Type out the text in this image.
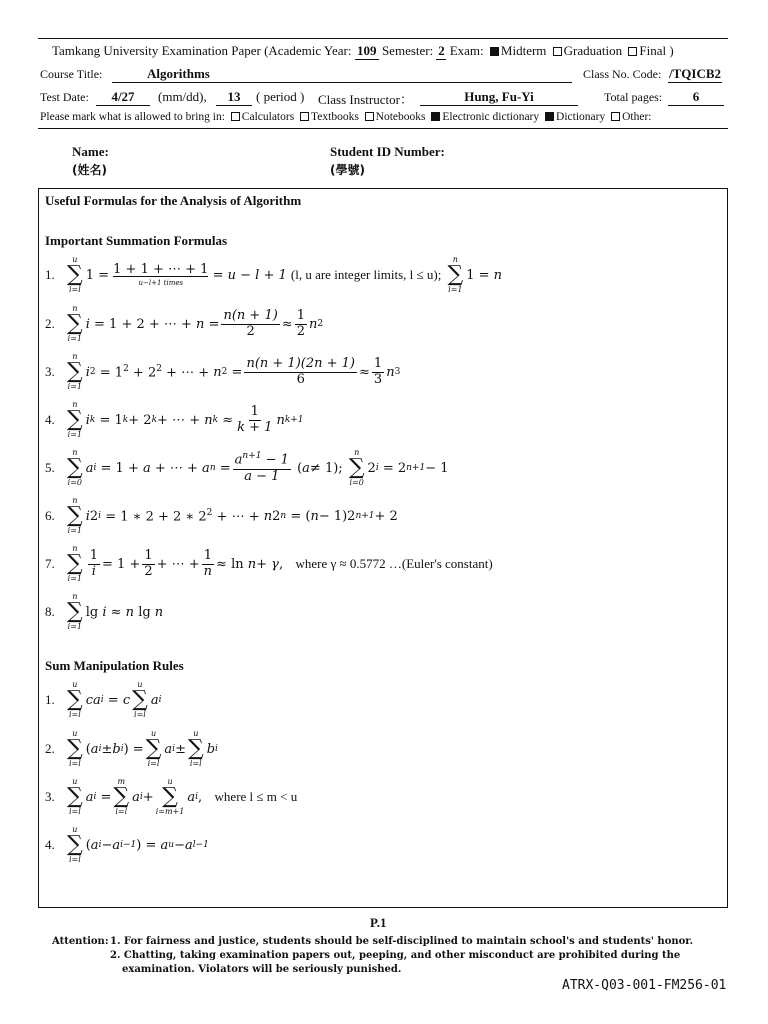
Tamkang University Examination Paper (Academic Year: 109 Semester: 2 Exam: Midterm Graduation Final )
Course Title:	Algorithms	Class No. Code: /TQICB2
Test Date:	4/27	(mm/dd),	13	( period ) Class Instructor：	Hung, Fu-Yi	Total pages:	6
Please mark what is allowed to bring in: Calculators Textbooks Notebooks Electronic dictionary Dictionary Other:
Name:
(姓名)
Student ID Number:
(學號)
Useful Formulas for the Analysis of Algorithm
Important Summation Formulas
1.
u
∑
i=l
1 =
1 + 1 + ⋯ + 1
u−l+1 times

= u − l + 1 (l, u are integer limits, l ≤ u);

n
∑
i=1
1 = n
2.
n
∑
i=1
i = 1 + 2 + ⋯ + $n = \frac{n(n + 1)}{2} \approx \frac{1}{2}$ n 2
3.
n
∑
i=1
i 2
= $1^2 + 2^2$ + ⋯ + n 2
= $\frac{n(n + 1)(2n + 1)}{6} \approx \frac{1}{3}$ n 3
4.
n
∑
i=1
i k
= 1 k + 2 k + ⋯ + n k
≈ $\frac{1}{k + 1}$ n k+1
5.
n
∑
i=0
a i
= 1 + a + ⋯ + a n
= $\frac{a^{n+1} - 1}{a - 1}$
( a ≠ 1);

n
∑
i=0
2 i
= 2 n+1 − 1
6.
n
∑
i=1
i 2 i
= 1 ∗ 2 + 2 ∗ $2^2$ + ⋯ + n 2 n
= ( n − 1)2 n+1 + 2
7.
n
∑
$i=1 \frac{1}{i} = 1 + \frac{1}{2}$ + ⋯ + $\frac{1}{n} \approx \ln n + \gamma$ ,
where γ ≈ 0.5772 …(Euler's constant)
8.
n
∑
i=1
lg i ≈ n lg n
Sum Manipulation Rules
1.
u
∑
i=l
ca i
= c
u
∑
i=l
a i
2.
u
∑
i=l
( a i ± b i ) =
u
∑
i=l
a i ±
u
∑
i=l
b i
3.
u
∑
i=l
a i
=
m
∑
i=l
a i +
u
∑
i=m+1
a i ,
where l ≤ m < u
4.
u
∑
i=l
( a i − a i−1 ) = a u − a l−1
P.1
Attention: 1. For fairness and justice, students should be self-disciplined to maintain school's and students' honor.
2. Chatting, taking examination papers out, peeping, and other misconduct are prohibited during the
examination. Violators will be seriously punished.
ATRX-Q03-001-FM256-01
